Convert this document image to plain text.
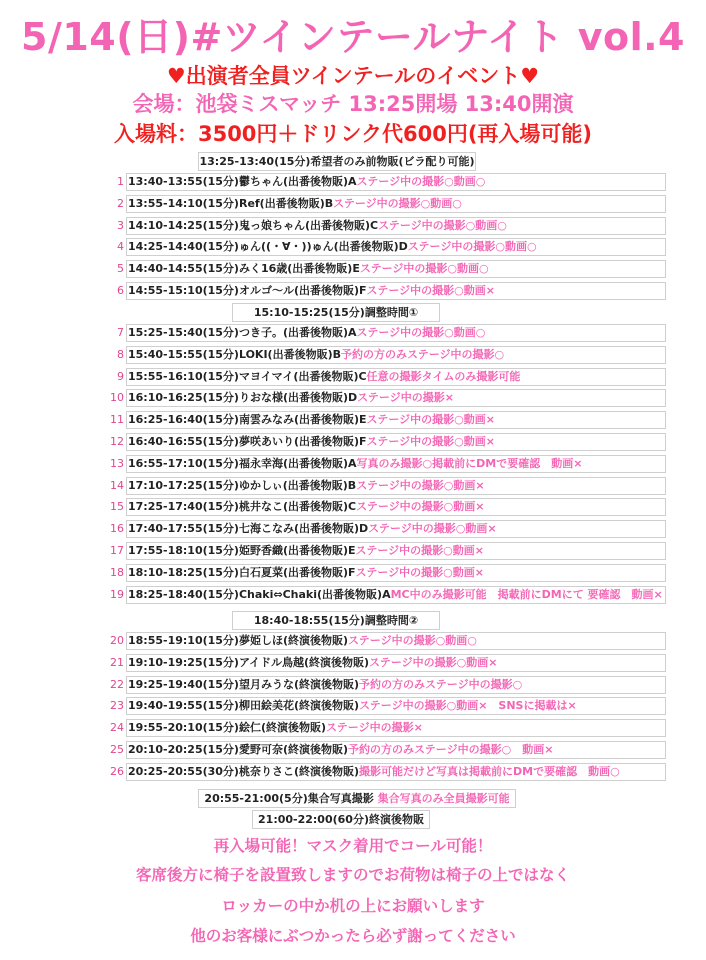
5/14(日)#ツインテールナイト vol.4
♥出演者全員ツインテールのイベント♥
会場：池袋ミスマッチ 13:25開場 13:40開演
入場料：3500円＋ドリンク代600円(再入場可能)
13:25-13:40(15分)希望者のみ前物販(ビラ配り可能)
1 13:40-13:55(15分)鬱ちゃん(出番後物販)Aステージ中の撮影○動画○
2 13:55-14:10(15分)Ref(出番後物販)Bステージ中の撮影○動画○
3 14:10-14:25(15分)鬼っ娘ちゃん(出番後物販)Cステージ中の撮影○動画○
4 14:25-14:40(15分)ゅん((・∀・))ゅん(出番後物販)Dステージ中の撮影○動画○
5 14:40-14:55(15分)みく16歳(出番後物販)Eステージ中の撮影○動画○
6 14:55-15:10(15分)オルゴ〜ル(出番後物販)Fステージ中の撮影○動画×
15:10-15:25(15分)調整時間①
7 15:25-15:40(15分)つき子。(出番後物販)Aステージ中の撮影○動画○
8 15:40-15:55(15分)LOKI(出番後物販)B予約の方のみステージ中の撮影○
9 15:55-16:10(15分)マヨイマイ(出番後物販)C任意の撮影タイムのみ撮影可能
10 16:10-16:25(15分)りおな様(出番後物販)Dステージ中の撮影×
11 16:25-16:40(15分)南雲みなみ(出番後物販)Eステージ中の撮影○動画×
12 16:40-16:55(15分)夢咲あいり(出番後物販)Fステージ中の撮影○動画×
13 16:55-17:10(15分)福永幸海(出番後物販)A写真のみ撮影○掲載前にDMで要確認　動画×
14 17:10-17:25(15分)ゆかしぃ(出番後物販)Bステージ中の撮影○動画×
15 17:25-17:40(15分)桃井なこ(出番後物販)Cステージ中の撮影○動画×
16 17:40-17:55(15分)七海こなみ(出番後物販)Dステージ中の撮影○動画×
17 17:55-18:10(15分)姫野香織(出番後物販)Eステージ中の撮影○動画×
18 18:10-18:25(15分)白石夏菜(出番後物販)Fステージ中の撮影○動画×
19 18:25-18:40(15分)Chaki⇔Chaki(出番後物販)AMC中のみ撮影可能　掲載前にDMにて 要確認　動画×
18:40-18:55(15分)調整時間②
20 18:55-19:10(15分)夢姫しほ(終演後物販)ステージ中の撮影○動画○
21 19:10-19:25(15分)アイドル鳥越(終演後物販)ステージ中の撮影○動画×
22 19:25-19:40(15分)望月みうな(終演後物販)予約の方のみステージ中の撮影○
23 19:40-19:55(15分)柳田絵美花(終演後物販)ステージ中の撮影○動画×　SNSに掲載は×
24 19:55-20:10(15分)絵仁(終演後物販)ステージ中の撮影×
25 20:10-20:25(15分)愛野可奈(終演後物販)予約の方のみステージ中の撮影○　動画×
26 20:25-20:55(30分)桃奈りさこ(終演後物販)撮影可能だけど写真は掲載前にDMで要確認　動画○
20:55-21:00(5分)集合写真撮影 集合写真のみ全員撮影可能
21:00-22:00(60分)終演後物販
再入場可能！マスク着用でコール可能！
客席後方に椅子を設置致しますのでお荷物は椅子の上ではなく
ロッカーの中か机の上にお願いします
他のお客様にぶつかったら必ず謝ってください
